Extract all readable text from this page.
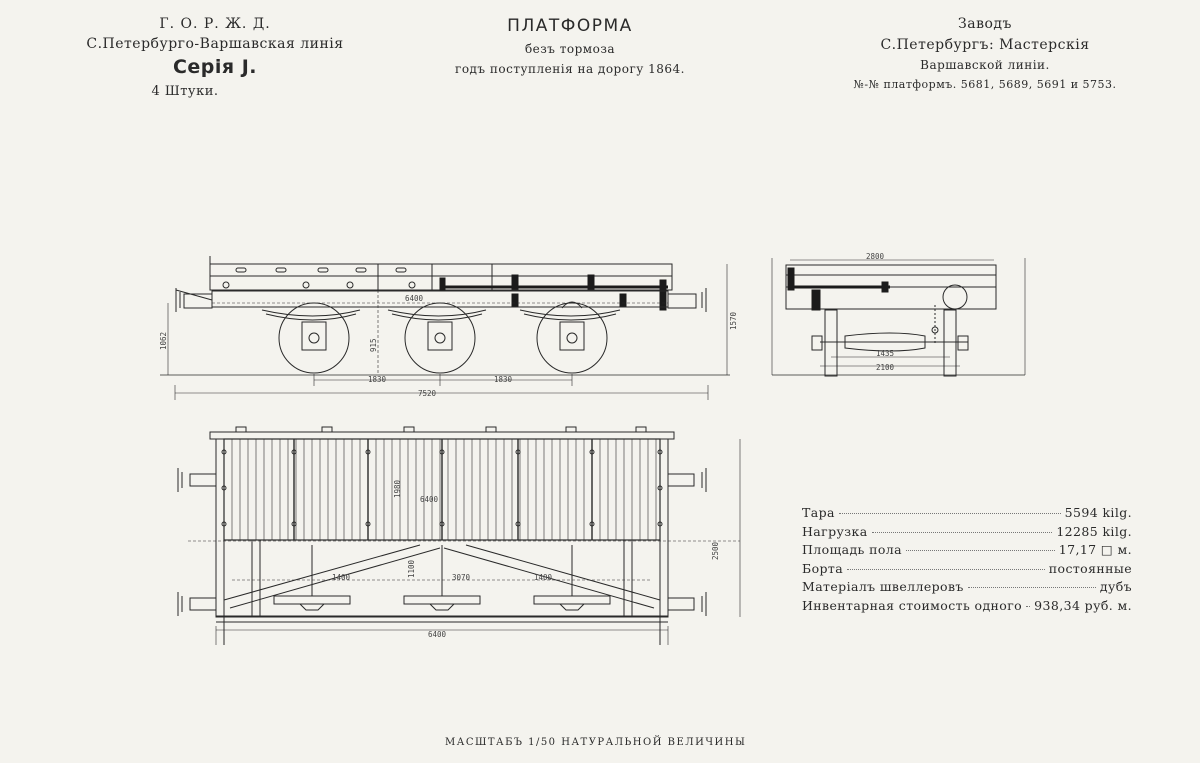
Г. О. Р. Ж. Д.
С.Петербурго-Варшавская линiя
Серiя J.
4 Штуки.
ПЛАТФОРМА
безъ тормоза
годъ поступленiя на дорогу 1864.
Заводъ
С.Петербургъ: Мастерскiя
Варшавской линiи.
№-№ платформъ. 5681, 5689, 5691 и 5753.
6400
1570
1062	915
1830	1830
7520
2800
1435
2100
6400
1980
2500
6400
3070
1400	1400
1100
Тара	5594 kilg.
Нагрузка	12285 kilg.
Площадь пола	17,17 □ м.
Борта	постоянные
Матерiалъ швеллеровъ	дубъ
Инвентарная стоимость одного 938,34 руб. м.
МАСШТАБЪ 1/50 НАТУРАЛЬНОЙ ВЕЛИЧИНЫ
